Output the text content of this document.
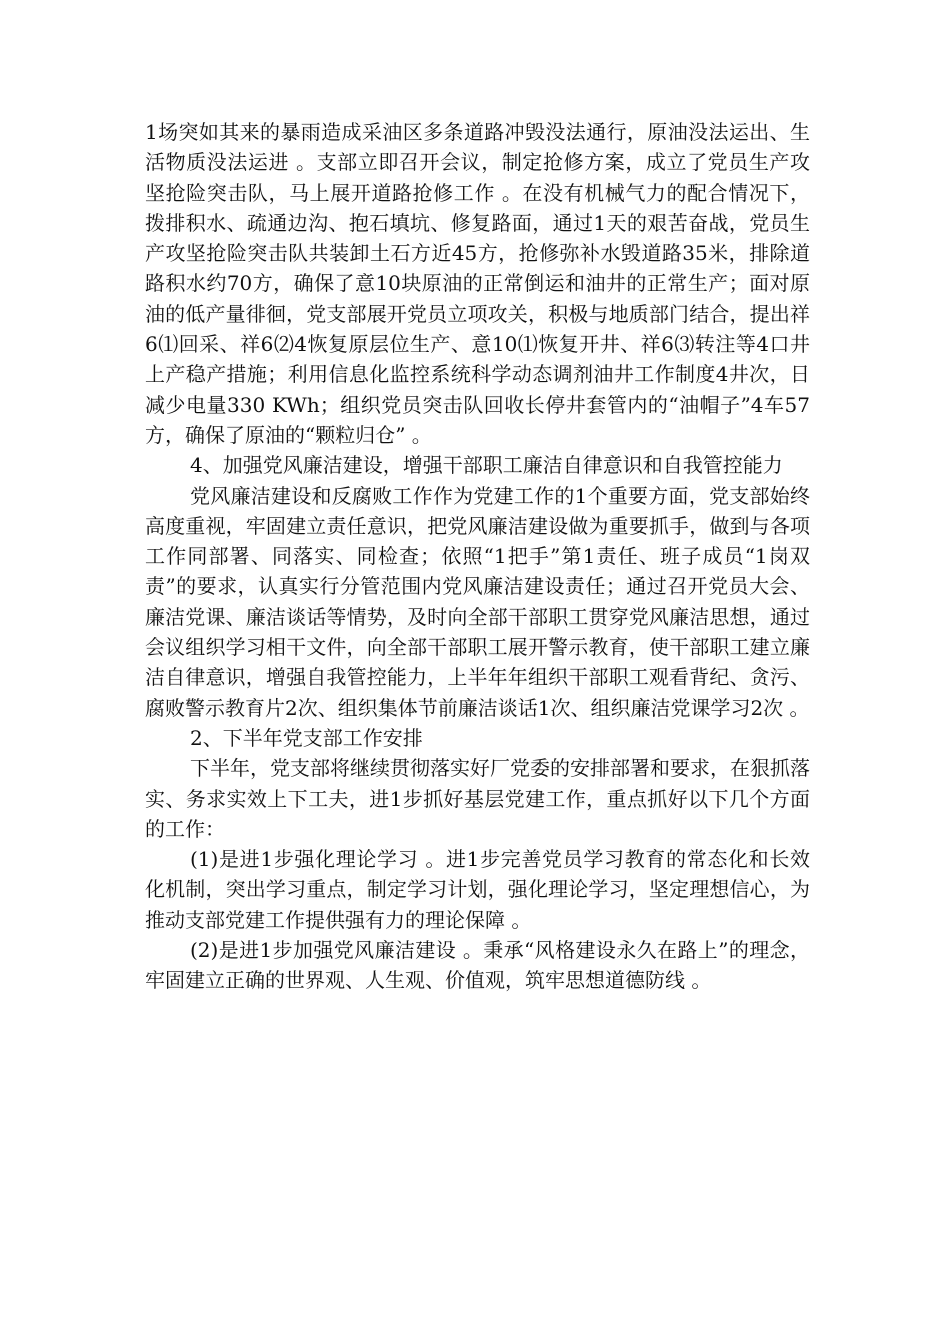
1场突如其来的暴雨造成采油区多条道路冲毁没法通行，原油没法运出、生活物质没法运进 。支部立即召开会议，制定抢修方案，成立了党员生产攻坚抢险突击队，马上展开道路抢修工作 。在没有机械气力的配合情况下，拨排积水、疏通边沟、抱石填坑、修复路面，通过1天的艰苦奋战，党员生产攻坚抢险突击队共装卸土石方近45方，抢修弥补水毁道路35米，排除道路积水约70方，确保了意10块原油的正常倒运和油井的正常生产；面对原油的低产量徘徊，党支部展开党员立项攻关，积极与地质部门结合，提出祥6⑴回采、祥6⑵4恢复原层位生产、意10⑴恢复开井、祥6⑶转注等4口井上产稳产措施；利用信息化监控系统科学动态调剂油井工作制度4井次，日减少电量330 KWh；组织党员突击队回收长停井套管内的“油帽子”4车57方，确保了原油的“颗粒归仓” 。

4、加强党风廉洁建设，增强干部职工廉洁自律意识和自我管控能力

党风廉洁建设和反腐败工作作为党建工作的1个重要方面，党支部始终高度重视，牢固建立责任意识，把党风廉洁建设做为重要抓手，做到与各项工作同部署、同落实、同检查；依照“1把手”第1责任、班子成员“1岗双责”的要求，认真实行分管范围内党风廉洁建设责任；通过召开党员大会、廉洁党课、廉洁谈话等情势，及时向全部干部职工贯穿党风廉洁思想，通过会议组织学习相干文件，向全部干部职工展开警示教育，使干部职工建立廉洁自律意识，增强自我管控能力，上半年年组织干部职工观看背纪、贪污、腐败警示教育片2次、组织集体节前廉洁谈话1次、组织廉洁党课学习2次 。

2、下半年党支部工作安排

下半年，党支部将继续贯彻落实好厂党委的安排部署和要求，在狠抓落实、务求实效上下工夫，进1步抓好基层党建工作，重点抓好以下几个方面的工作：

(1)是进1步强化理论学习 。进1步完善党员学习教育的常态化和长效化机制，突出学习重点，制定学习计划，强化理论学习，坚定理想信心，为推动支部党建工作提供强有力的理论保障 。

(2)是进1步加强党风廉洁建设 。秉承“风格建设永久在路上”的理念，牢固建立正确的世界观、人生观、价值观，筑牢思想道德防线 。
